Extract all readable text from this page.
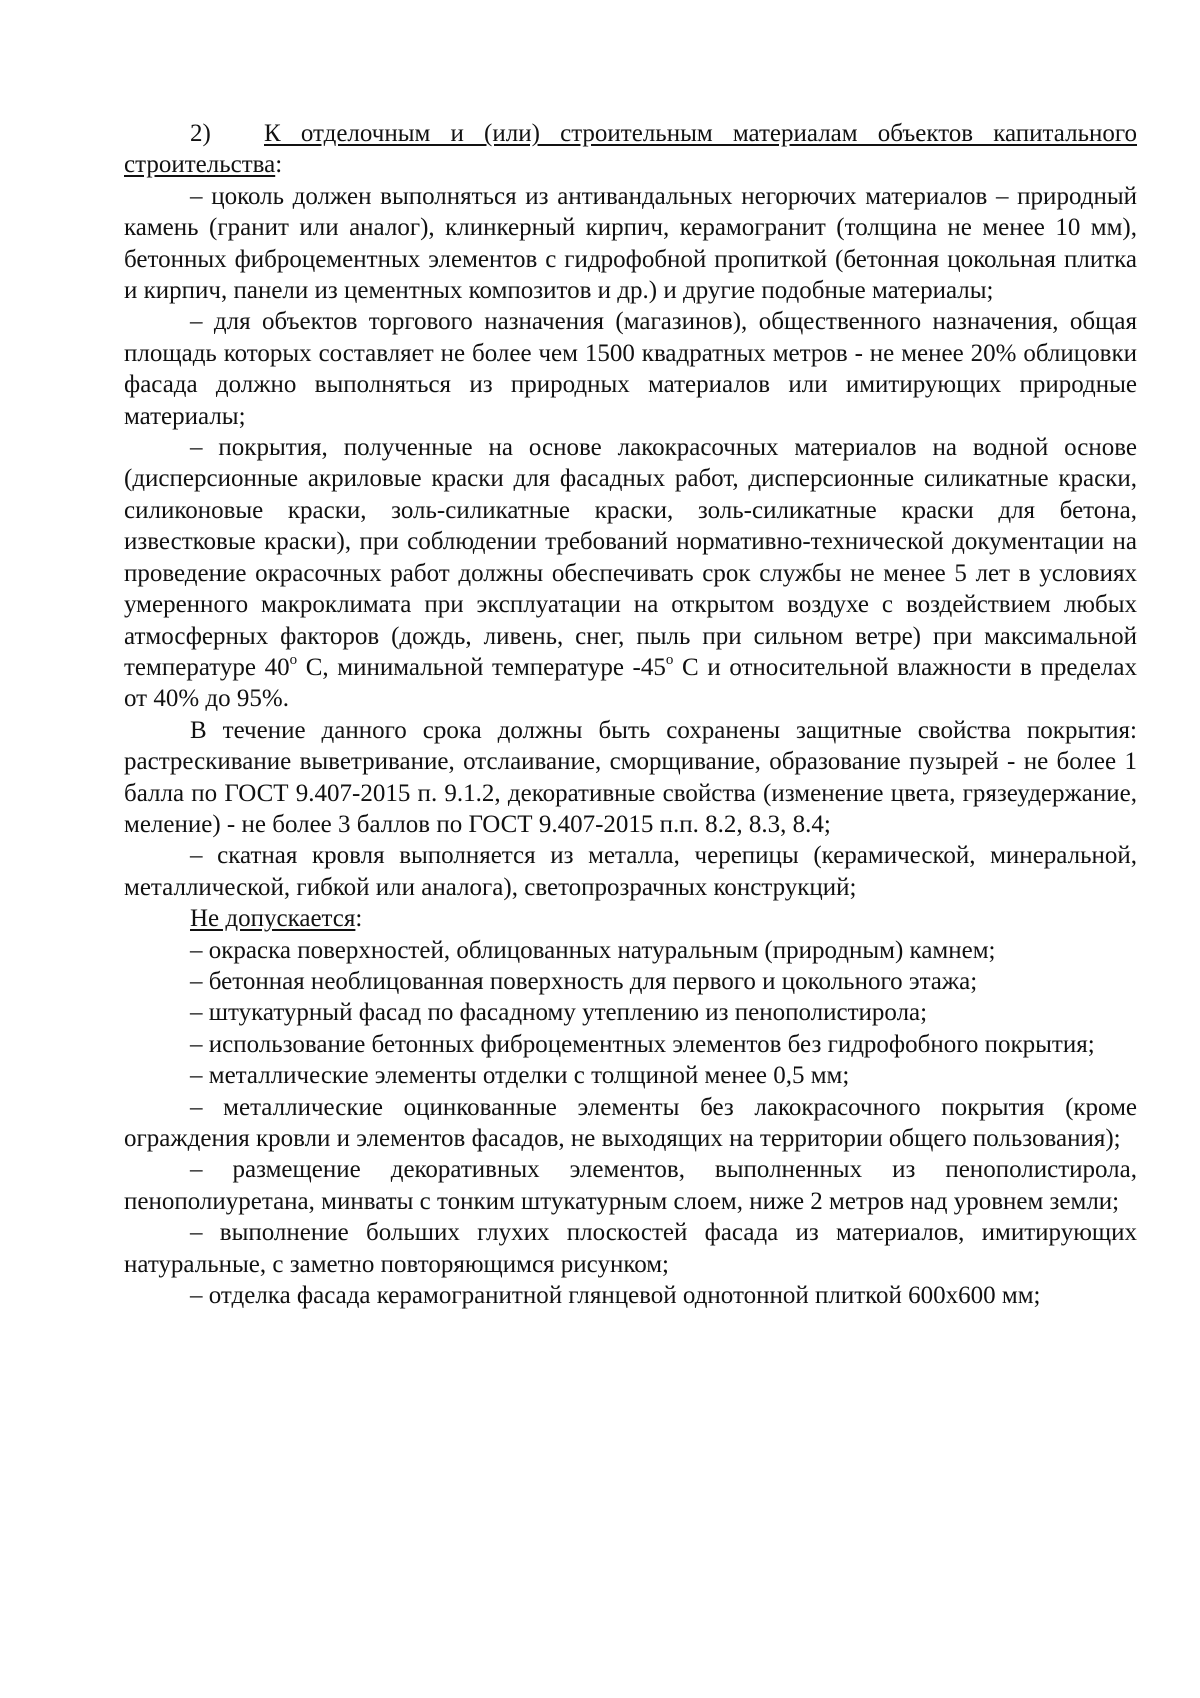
2) К отделочным и (или) строительным материалам объектов капитального строительства:

– цоколь должен выполняться из антивандальных негорючих материалов – природный камень (гранит или аналог), клинкерный кирпич, керамогранит (толщина не менее 10 мм), бетонных фиброцементных элементов с гидрофобной пропиткой (бетонная цокольная плитка и кирпич, панели из цементных композитов и др.) и другие подобные материалы;

– для объектов торгового назначения (магазинов), общественного назначения, общая площадь которых составляет не более чем 1500 квадратных метров - не менее 20% облицовки фасада должно выполняться из природных материалов или имитирующих природные материалы;

– покрытия, полученные на основе лакокрасочных материалов на водной основе (дисперсионные акриловые краски для фасадных работ, дисперсионные силикатные краски, силиконовые краски, золь-силикатные краски, золь-силикатные краски для бетона, известковые краски), при соблюдении требований нормативно-технической документации на проведение окрасочных работ должны обеспечивать срок службы не менее 5 лет в условиях умеренного макроклимата при эксплуатации на открытом воздухе с воздействием любых атмосферных факторов (дождь, ливень, снег, пыль при сильном ветре) при максимальной температуре 40$^o$ С, минимальной температуре -45$^o$ С и относительной влажности в пределах от 40% до 95%.

В течение данного срока должны быть сохранены защитные свойства покрытия: растрескивание выветривание, отслаивание, сморщивание, образование пузырей - не более 1 балла по ГОСТ 9.407-2015 п. 9.1.2, декоративные свойства (изменение цвета, грязеудержание, меление) - не более 3 баллов по ГОСТ 9.407-2015 п.п. 8.2, 8.3, 8.4;

– скатная кровля выполняется из металла, черепицы (керамической, минеральной, металлической, гибкой или аналога), светопрозрачных конструкций;

Не допускается:

– окраска поверхностей, облицованных натуральным (природным) камнем;

– бетонная необлицованная поверхность для первого и цокольного этажа;

– штукатурный фасад по фасадному утеплению из пенополистирола;

– использование бетонных фиброцементных элементов без гидрофобного покрытия;

– металлические элементы отделки с толщиной менее 0,5 мм;

– металлические оцинкованные элементы без лакокрасочного покрытия (кроме ограждения кровли и элементов фасадов, не выходящих на территории общего пользования);

– размещение декоративных элементов, выполненных из пенополистирола, пенополиуретана, минваты с тонким штукатурным слоем, ниже 2 метров над уровнем земли;

– выполнение больших глухих плоскостей фасада из материалов, имитирующих натуральные, с заметно повторяющимся рисунком;

– отделка фасада керамогранитной глянцевой однотонной плиткой 600х600 мм;
